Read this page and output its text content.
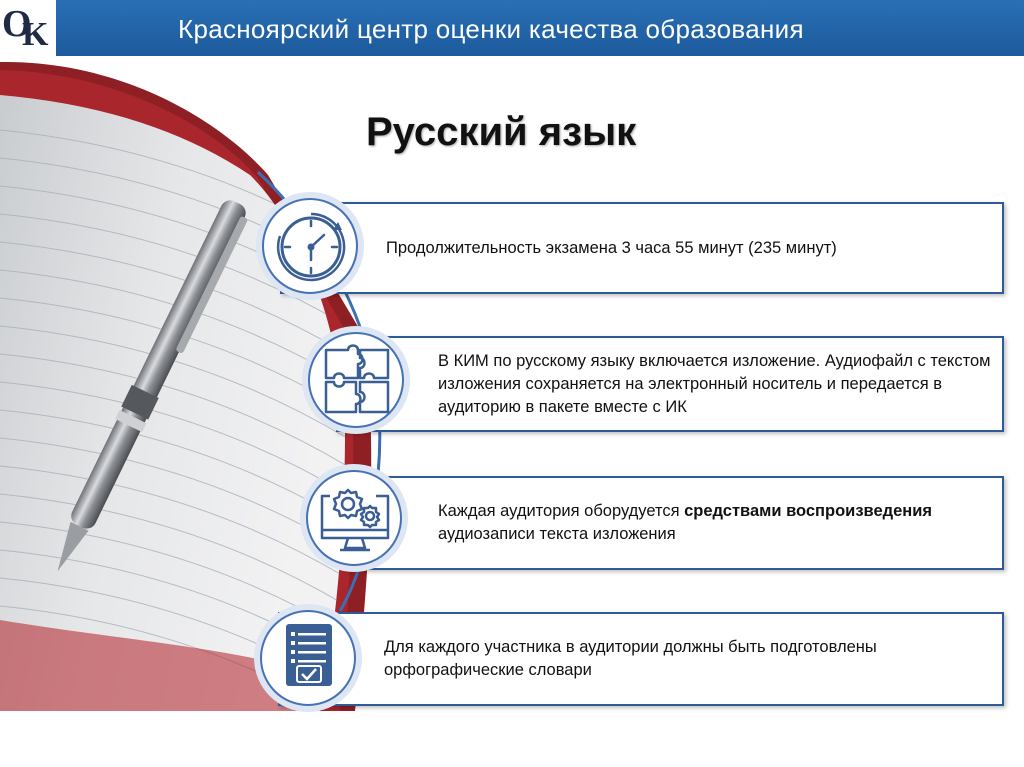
O
K	Красноярский центр оценки качества образования
Русский язык
Продолжительность экзамена 3 часа 55 минут (235 минут)
В КИМ по русскому языку включается изложение. Аудиофайл с текстом изложения сохраняется на электронный носитель и передается в аудиторию в пакете вместе с ИК
Каждая аудитория оборудуется средствами воспроизведения аудиозаписи текста изложения
Для каждого участника в аудитории должны быть подготовлены орфографические словари
